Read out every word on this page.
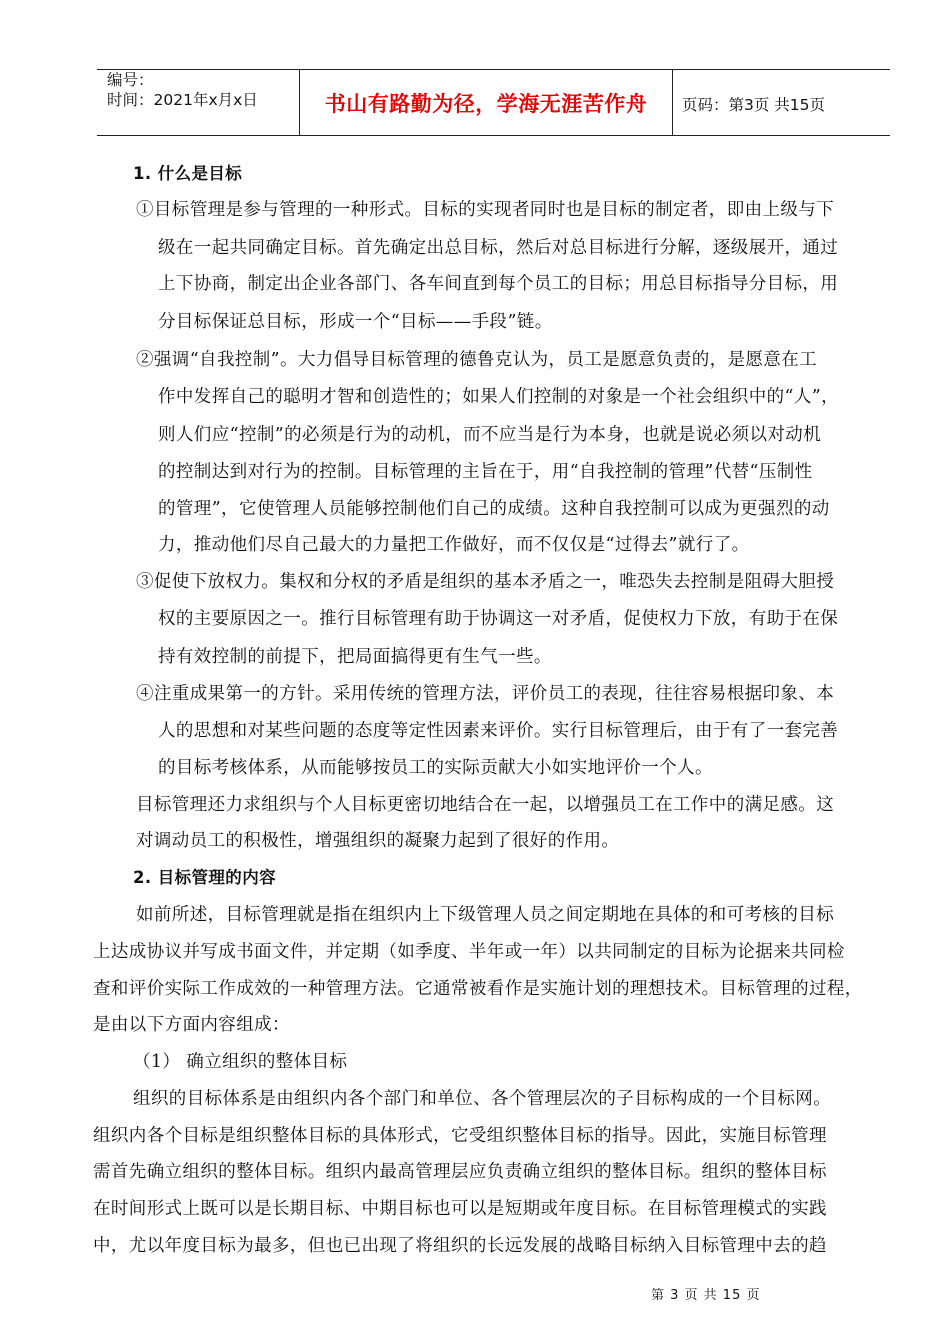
编号：
时间：2021年x月x日	书山有路勤为径，学海无涯苦作舟	页码：第3页 共15页
1. 什么是目标
①目标管理是参与管理的一种形式。目标的实现者同时也是目标的制定者，即由上级与下
级在一起共同确定目标。首先确定出总目标，然后对总目标进行分解，逐级展开，通过
上下协商，制定出企业各部门、各车间直到每个员工的目标；用总目标指导分目标，用
分目标保证总目标，形成一个“目标——手段”链。
②强调“自我控制”。大力倡导目标管理的德鲁克认为，员工是愿意负责的，是愿意在工
作中发挥自己的聪明才智和创造性的；如果人们控制的对象是一个社会组织中的“人”，
则人们应“控制”的必须是行为的动机，而不应当是行为本身，也就是说必须以对动机
的控制达到对行为的控制。目标管理的主旨在于，用“自我控制的管理”代替“压制性
的管理”，它使管理人员能够控制他们自己的成绩。这种自我控制可以成为更强烈的动
力，推动他们尽自己最大的力量把工作做好，而不仅仅是“过得去”就行了。
③促使下放权力。集权和分权的矛盾是组织的基本矛盾之一，唯恐失去控制是阻碍大胆授
权的主要原因之一。推行目标管理有助于协调这一对矛盾，促使权力下放，有助于在保
持有效控制的前提下，把局面搞得更有生气一些。
④注重成果第一的方针。采用传统的管理方法，评价员工的表现，往往容易根据印象、本
人的思想和对某些问题的态度等定性因素来评价。实行目标管理后，由于有了一套完善
的目标考核体系，从而能够按员工的实际贡献大小如实地评价一个人。
目标管理还力求组织与个人目标更密切地结合在一起，以增强员工在工作中的满足感。这
对调动员工的积极性，增强组织的凝聚力起到了很好的作用。
2. 目标管理的内容
如前所述，目标管理就是指在组织内上下级管理人员之间定期地在具体的和可考核的目标
上达成协议并写成书面文件，并定期（如季度、半年或一年）以共同制定的目标为论据来共同检
查和评价实际工作成效的一种管理方法。它通常被看作是实施计划的理想技术。目标管理的过程，
是由以下方面内容组成：
（1） 确立组织的整体目标
组织的目标体系是由组织内各个部门和单位、各个管理层次的子目标构成的一个目标网。
组织内各个目标是组织整体目标的具体形式，它受组织整体目标的指导。因此，实施目标管理
需首先确立组织的整体目标。组织内最高管理层应负责确立组织的整体目标。组织的整体目标
在时间形式上既可以是长期目标、中期目标也可以是短期或年度目标。在目标管理模式的实践
中，尤以年度目标为最多，但也已出现了将组织的长远发展的战略目标纳入目标管理中去的趋
第 3 页 共 15 页
